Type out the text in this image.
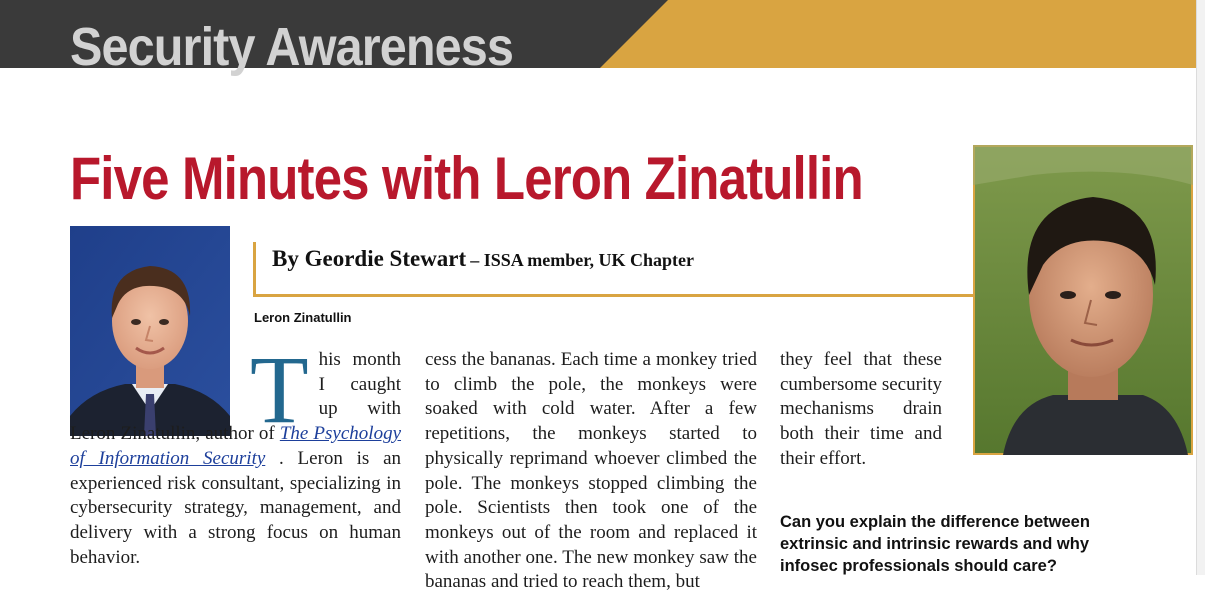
Security Awareness
Five Minutes with Leron Zinatullin
By Geordie Stewart – ISSA member, UK Chapter
Leron Zinatullin

T his month I caught up with Leron Zinatullin, author of The Psychology of Information Security . Leron is an experienced risk consultant, specializing in cybersecurity strategy, management, and delivery with a strong focus on human behavior.

cess the bananas. Each time a monkey tried to climb the pole, the monkeys were soaked with cold water. After a few repetitions, the monkeys started to physically reprimand whoever climbed the pole. The monkeys stopped climbing the pole. Scientists then took one of the monkeys out of the room and replaced it with another one. The new monkey saw the bananas and tried to reach them, but

they feel that these cumbersome security mechanisms drain both their time and their effort.

Can you explain the difference between extrinsic and intrinsic rewards and why infosec professionals should care?
